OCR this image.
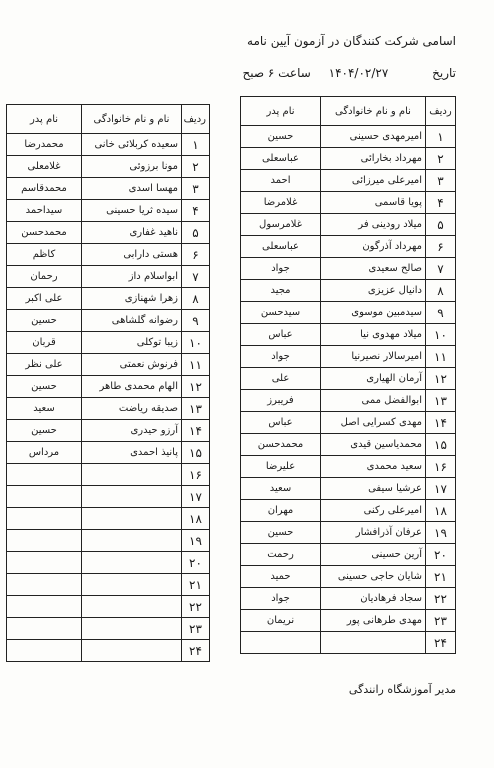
اسامی شرکت کنندگان در آزمون آیین نامه
تاریخ ۱۴۰۴/۰۲/۲۷ ساعت ۶ صبح
ردیف	نام و نام خانوادگی	نام پدر
۱	امیرمهدی حسینی	حسین
۲	مهرداد بخارائی	عباسعلی
۳	امیرعلی میرزائی	احمد
۴	پویا قاسمی	غلامرضا
۵	میلاد رودینی فر	غلامرسول
۶	مهرداد آذرگون	عباسعلی
۷	صالح سعیدی	جواد
۸	دانیال عزیزی	مجید
۹	سیدمبین موسوی	سیدحسن
۱۰	میلاد مهدوی نیا	عباس
۱۱	امیرسالار نصیرنیا	جواد
۱۲	آرمان الهیاری	علی
۱۳	ابوالفضل ممی	فریبرز
۱۴	مهدی کسرایی اصل	عباس
۱۵	محمدیاسین قیدی	محمدحسن
۱۶	سعید محمدی	علیرضا
۱۷	عرشیا سیفی	سعید
۱۸	امیرعلی رکنی	مهران
۱۹	عرفان آذرافشار	حسین
۲۰	آرین حسینی	رحمت
۲۱	شایان حاجی حسینی	حمید
۲۲	سجاد فرهادیان	جواد
۲۳	مهدی طرهانی پور	نریمان
۲۴		
ردیف	نام و نام خانوادگی	نام پدر
۱	سعیده کربلائی خانی	محمدرضا
۲	مونا برزوئی	غلامعلی
۳	مهسا اسدی	محمدقاسم
۴	سیده ثریا حسینی	سیداحمد
۵	ناهید غفاری	محمدحسن
۶	هستی دارابی	کاظم
۷	ابواسلام داز	رحمان
۸	زهرا شهنازی	علی اکبر
۹	رضوانه گلشاهی	حسین
۱۰	زیبا توکلی	قربان
۱۱	فرنوش نعمتی	علی نظر
۱۲	الهام محمدی طاهر	حسین
۱۳	صدیقه ریاضت	سعید
۱۴	آرزو حیدری	حسین
۱۵	پانیذ احمدی	مرداس
۱۶		
۱۷		
۱۸		
۱۹		
۲۰		
۲۱		
۲۲		
۲۳		
۲۴		
مدیر آموزشگاه رانندگی
